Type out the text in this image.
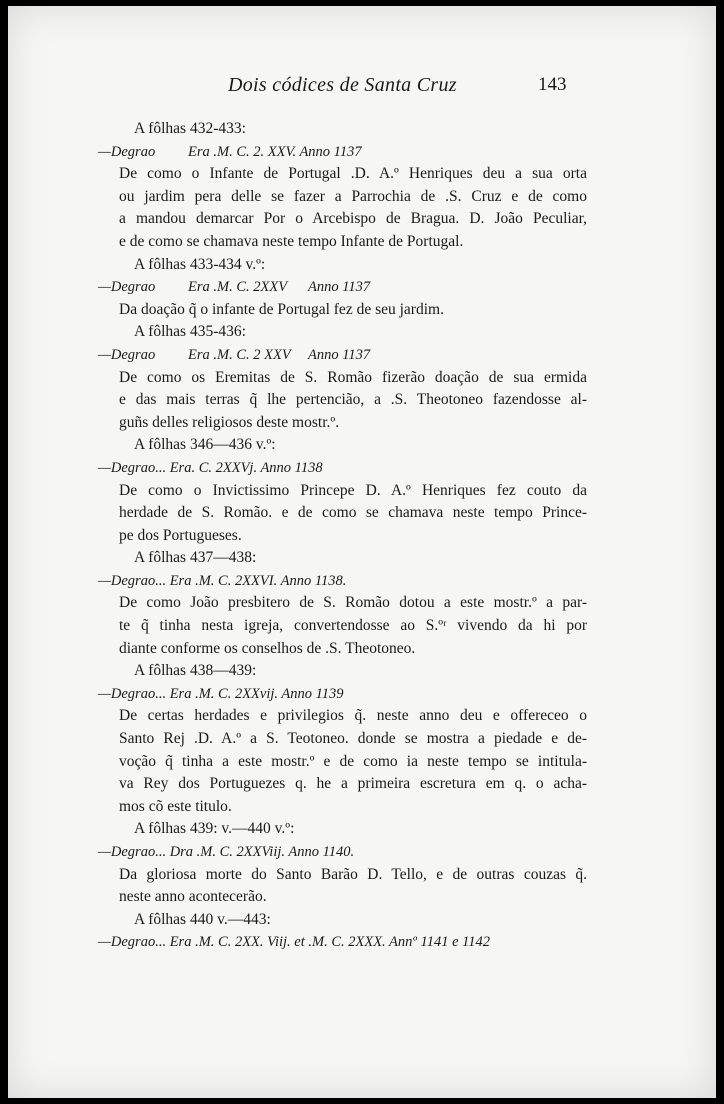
Dois códices de Santa Cruz	143
A fôlhas 432-433:
—Degrao Era .M. C. 2. XXV. Anno 1137
De como o Infante de Portugal .D. A.º Henriques deu a sua orta
ou jardim pera delle se fazer a Parrochia de .S. Cruz e de como
a mandou demarcar Por o Arcebispo de Bragua. D. João Peculiar,
e de como se chamava neste tempo Infante de Portugal.
A fôlhas 433-434 v.º:
—Degrao Era .M. C. 2XXV Anno 1137
Da doação q̃ o infante de Portugal fez de seu jardim.
A fôlhas 435-436:
—Degrao Era .M. C. 2 XXV Anno 1137
De como os Eremitas de S. Romão fizerão doação de sua ermida
e das mais terras q̃ lhe pertencião, a .S. Theotoneo fazendosse al-
guñs delles religiosos deste mostr.º.
A fôlhas 346—436 v.º:
—Degrao... Era. C. 2XXVj. Anno 1138
De como o Invictissimo Princepe D. A.º Henriques fez couto da
herdade de S. Romão. e de como se chamava neste tempo Prince-
pe dos Portugueses.
A fôlhas 437—438:
—Degrao... Era .M. C. 2XXVI. Anno 1138.
De como João presbitero de S. Romão dotou a este mostr.º a par-
te q̃ tinha nesta igreja, convertendosse ao S.ºʳ vivendo da hi por
diante conforme os conselhos de .S. Theotoneo.
A fôlhas 438—439:
—Degrao... Era .M. C. 2XXvij. Anno 1139
De certas herdades e privilegios q̃. neste anno deu e offereceo o
Santo Rej .D. A.º a S. Teotoneo. donde se mostra a piedade e de-
voção q̃ tinha a este mostr.º e de como ia neste tempo se intitula-
va Rey dos Portuguezes q. he a primeira escretura em q. o acha-
mos cõ este titulo.
A fôlhas 439: v.—440 v.º:
—Degrao... Dra .M. C. 2XXViij. Anno 1140.
Da gloriosa morte do Santo Barão D. Tello, e de outras couzas q̃.
neste anno acontecerão.
A fôlhas 440 v.—443:
—Degrao... Era .M. C. 2XX. Viij. et .M. C. 2XXX. Annº 1141 e 1142
